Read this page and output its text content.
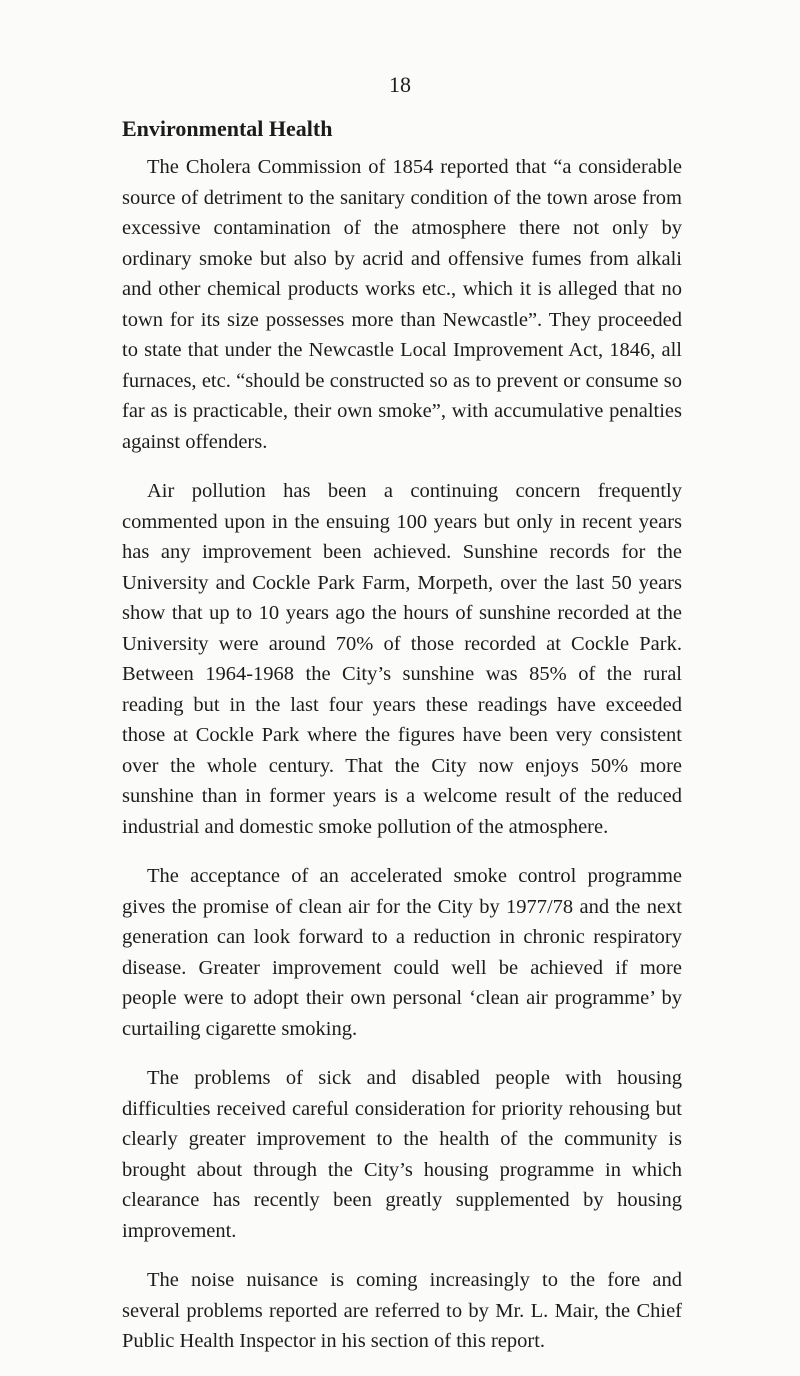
18
Environmental Health

The Cholera Commission of 1854 reported that “a considerable source of detriment to the sanitary condition of the town arose from excessive contamination of the atmosphere there not only by ordinary smoke but also by acrid and offensive fumes from alkali and other chemical products works etc., which it is alleged that no town for its size possesses more than Newcastle”. They proceeded to state that under the Newcastle Local Improvement Act, 1846, all furnaces, etc. “should be constructed so as to prevent or consume so far as is practicable, their own smoke”, with accumulative penalties against offenders.

Air pollution has been a continuing concern frequently commented upon in the ensuing 100 years but only in recent years has any improvement been achieved. Sunshine records for the University and Cockle Park Farm, Morpeth, over the last 50 years show that up to 10 years ago the hours of sunshine recorded at the University were around 70% of those recorded at Cockle Park. Between 1964-1968 the City’s sunshine was 85% of the rural reading but in the last four years these readings have exceeded those at Cockle Park where the figures have been very consistent over the whole century. That the City now enjoys 50% more sunshine than in former years is a welcome result of the reduced industrial and domestic smoke pollution of the atmosphere.

The acceptance of an accelerated smoke control programme gives the promise of clean air for the City by 1977/78 and the next generation can look forward to a reduction in chronic respiratory disease. Greater improvement could well be achieved if more people were to adopt their own personal ‘clean air programme’ by curtailing cigarette smoking.

The problems of sick and disabled people with housing difficulties received careful consideration for priority rehousing but clearly greater improvement to the health of the community is brought about through the City’s housing programme in which clearance has recently been greatly supplemented by housing improvement.

The noise nuisance is coming increasingly to the fore and several problems reported are referred to by Mr. L. Mair, the Chief Public Health Inspector in his section of this report.
